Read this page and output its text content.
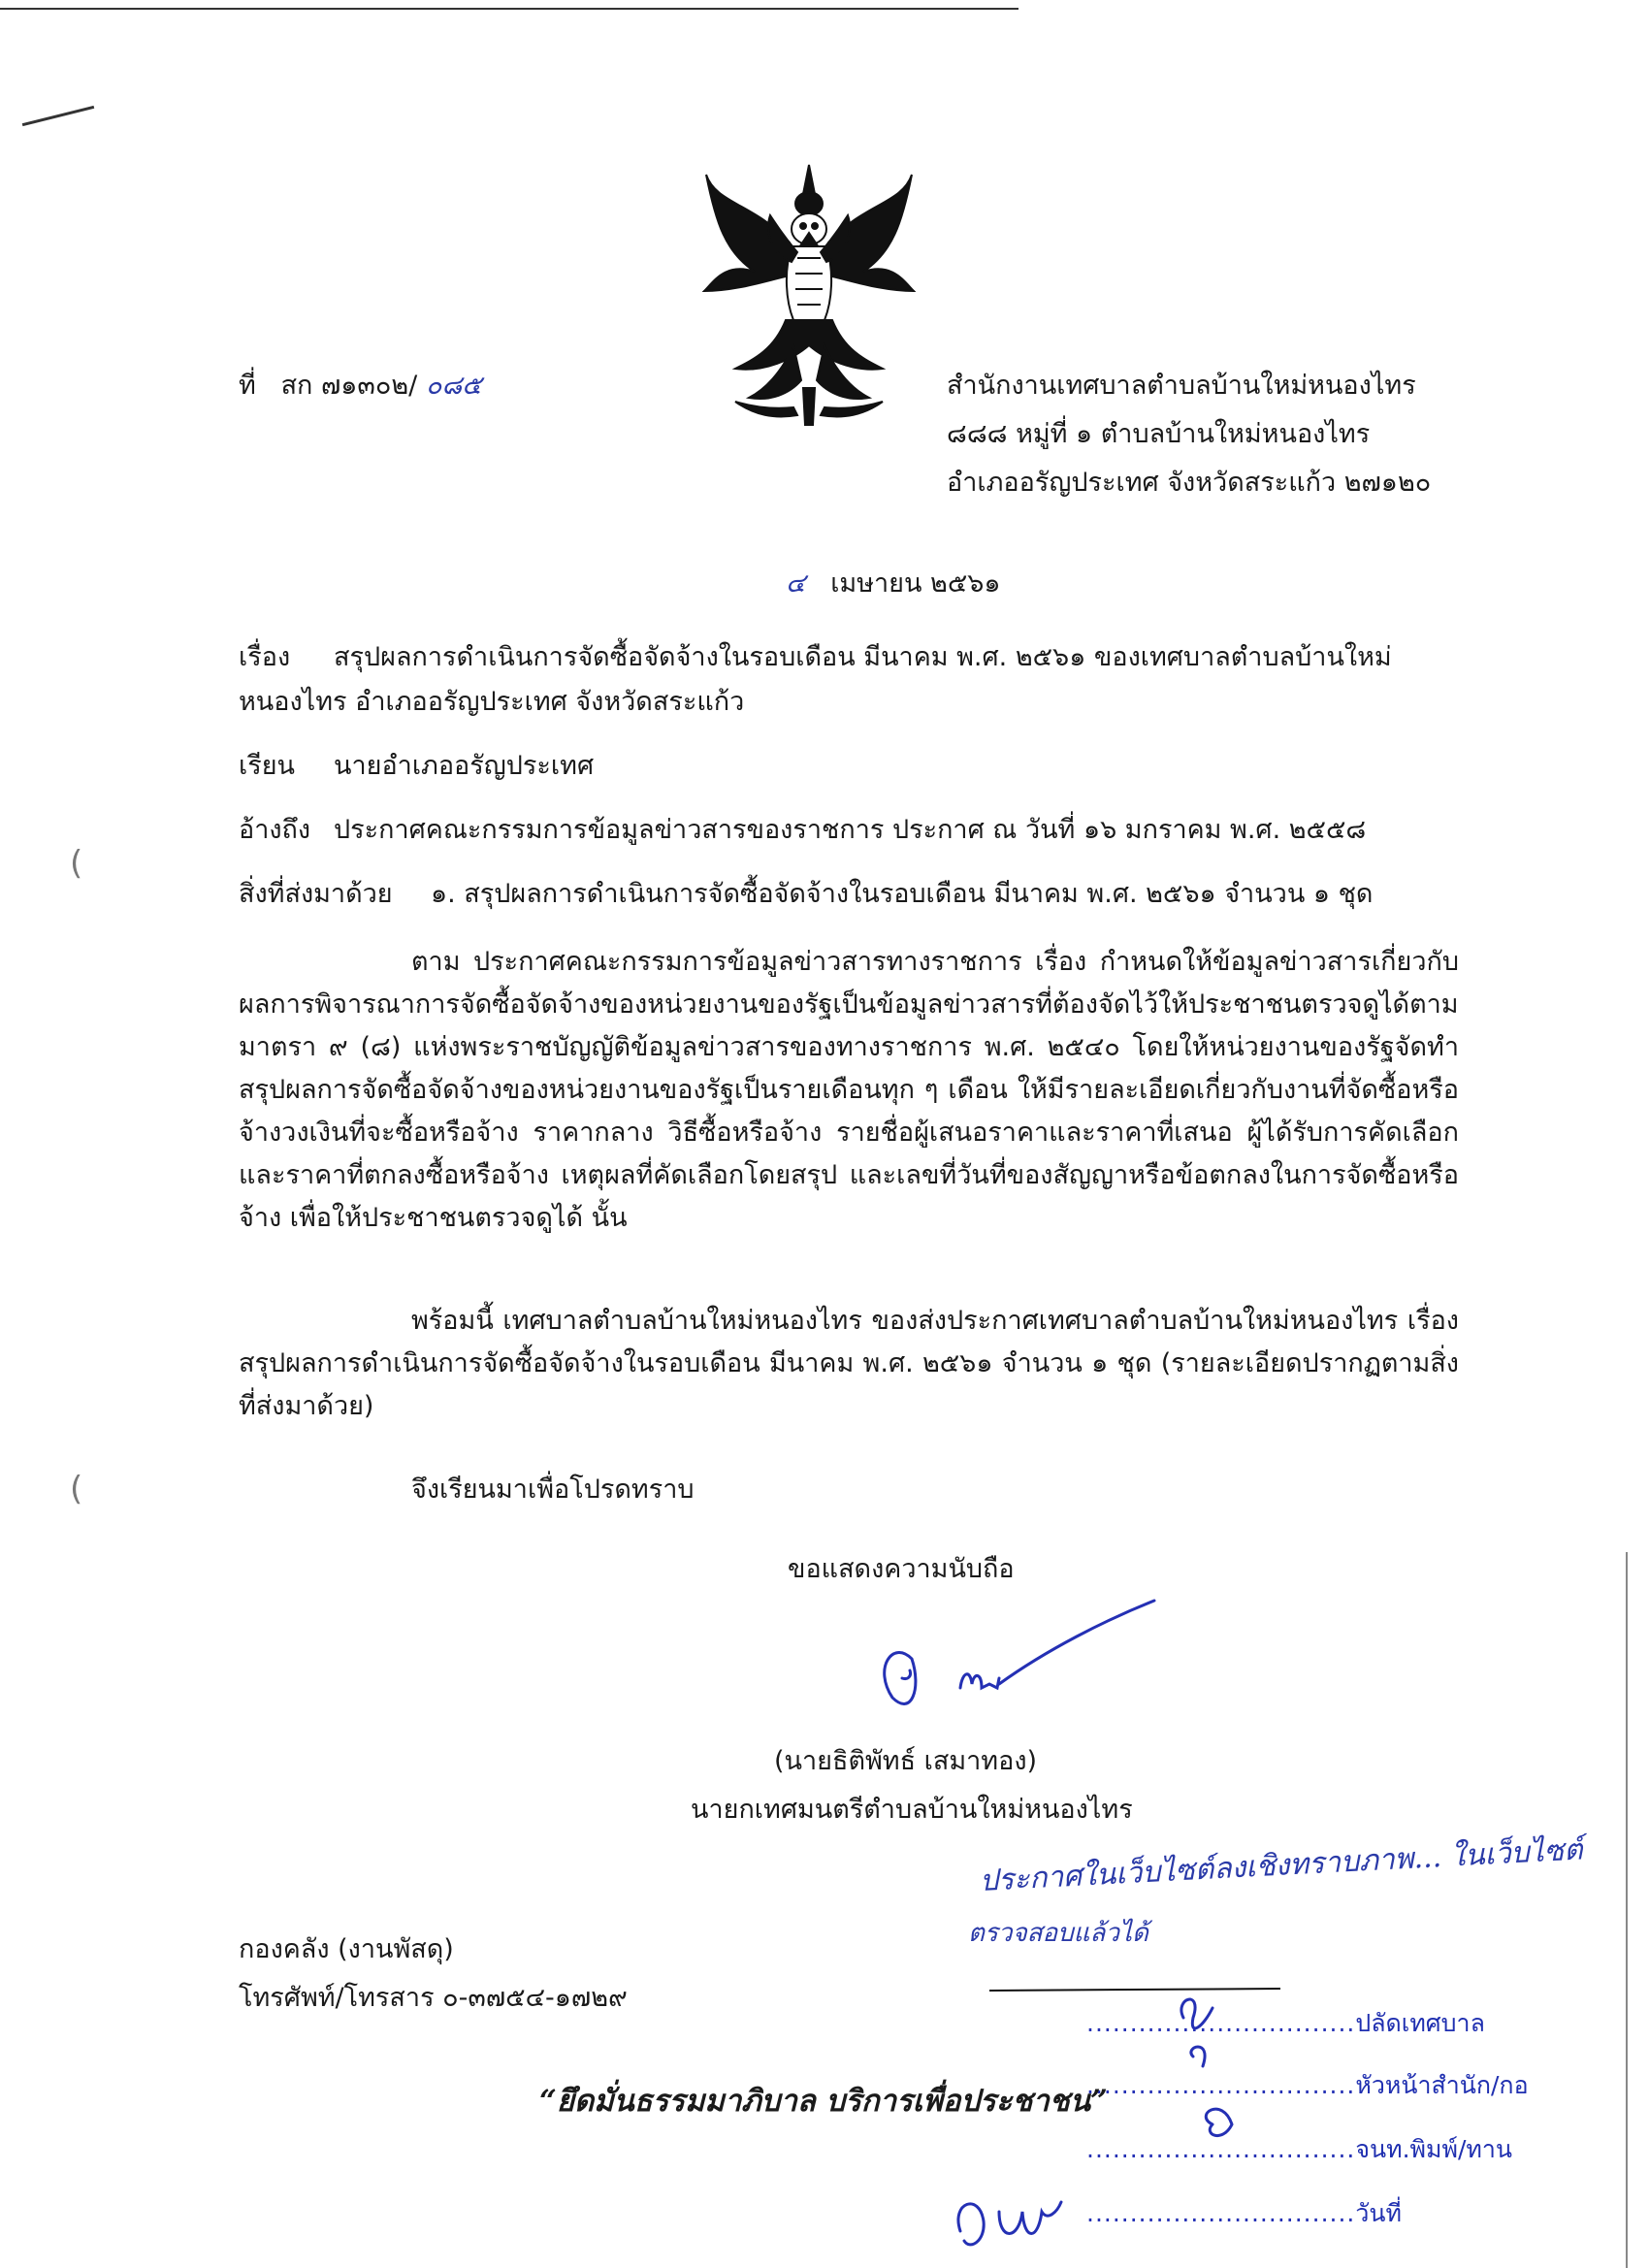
(
(
ที่ สก ๗๑๓๐๒/ ๐๘๕	สำนักงานเทศบาลตำบลบ้านใหม่หนองไทร
๘๘๘ หมู่ที่ ๑ ตำบลบ้านใหม่หนองไทร
อำเภออรัญประเทศ จังหวัดสระแก้ว ๒๗๑๒๐
๔ เมษายน ๒๕๖๑
เรื่อง สรุปผลการดำเนินการจัดซื้อจัดจ้างในรอบเดือน มีนาคม พ.ศ. ๒๕๖๑ ของเทศบาลตำบลบ้านใหม่
หนองไทร อำเภออรัญประเทศ จังหวัดสระแก้ว
เรียน นายอำเภออรัญประเทศ
อ้างถึง ประกาศคณะกรรมการข้อมูลข่าวสารของราชการ ประกาศ ณ วันที่ ๑๖ มกราคม พ.ศ. ๒๕๕๘
สิ่งที่ส่งมาด้วย ๑. สรุปผลการดำเนินการจัดซื้อจัดจ้างในรอบเดือน มีนาคม พ.ศ. ๒๕๖๑ จำนวน ๑ ชุด
ตาม ประกาศคณะกรรมการข้อมูลข่าวสารทางราชการ เรื่อง กำหนดให้ข้อมูลข่าวสารเกี่ยวกับผลการพิจารณาการจัดซื้อจัดจ้างของหน่วยงานของรัฐเป็นข้อมูลข่าวสารที่ต้องจัดไว้ให้ประชาชนตรวจดูได้ตามมาตรา ๙ (๘) แห่งพระราชบัญญัติข้อมูลข่าวสารของทางราชการ พ.ศ. ๒๕๔๐ โดยให้หน่วยงานของรัฐจัดทำสรุปผลการจัดซื้อจัดจ้างของหน่วยงานของรัฐเป็นรายเดือนทุก ๆ เดือน ให้มีรายละเอียดเกี่ยวกับงานที่จัดซื้อหรือจ้างวงเงินที่จะซื้อหรือจ้าง ราคากลาง วิธีซื้อหรือจ้าง รายชื่อผู้เสนอราคาและราคาที่เสนอ ผู้ได้รับการคัดเลือกและราคาที่ตกลงซื้อหรือจ้าง เหตุผลที่คัดเลือกโดยสรุป และเลขที่วันที่ของสัญญาหรือข้อตกลงในการจัดซื้อหรือจ้าง เพื่อให้ประชาชนตรวจดูได้ นั้น
พร้อมนี้ เทศบาลตำบลบ้านใหม่หนองไทร ของส่งประกาศเทศบาลตำบลบ้านใหม่หนองไทร เรื่อง สรุปผลการดำเนินการจัดซื้อจัดจ้างในรอบเดือน มีนาคม พ.ศ. ๒๕๖๑ จำนวน ๑ ชุด (รายละเอียดปรากฏตามสิ่งที่ส่งมาด้วย)
จึงเรียนมาเพื่อโปรดทราบ
ขอแสดงความนับถือ
(นายธิติพัทธ์ เสมาทอง)
นายกเทศมนตรีตำบลบ้านใหม่หนองไทร
ประกาศในเว็บไซต์ลงเชิงทราบภาพ... ในเว็บไซต์
ตรวจสอบแล้วได้
กองคลัง (งานพัสดุ)
โทรศัพท์/โทรสาร ๐-๓๗๕๔-๑๗๒๙
...............................ปลัดเทศบาล
...............................หัวหน้าสำนัก/กอ
...............................จนท.พิมพ์/ทาน
...............................วันที่
“ยึดมั่นธรรมมาภิบาล บริการเพื่อประชาชน”
